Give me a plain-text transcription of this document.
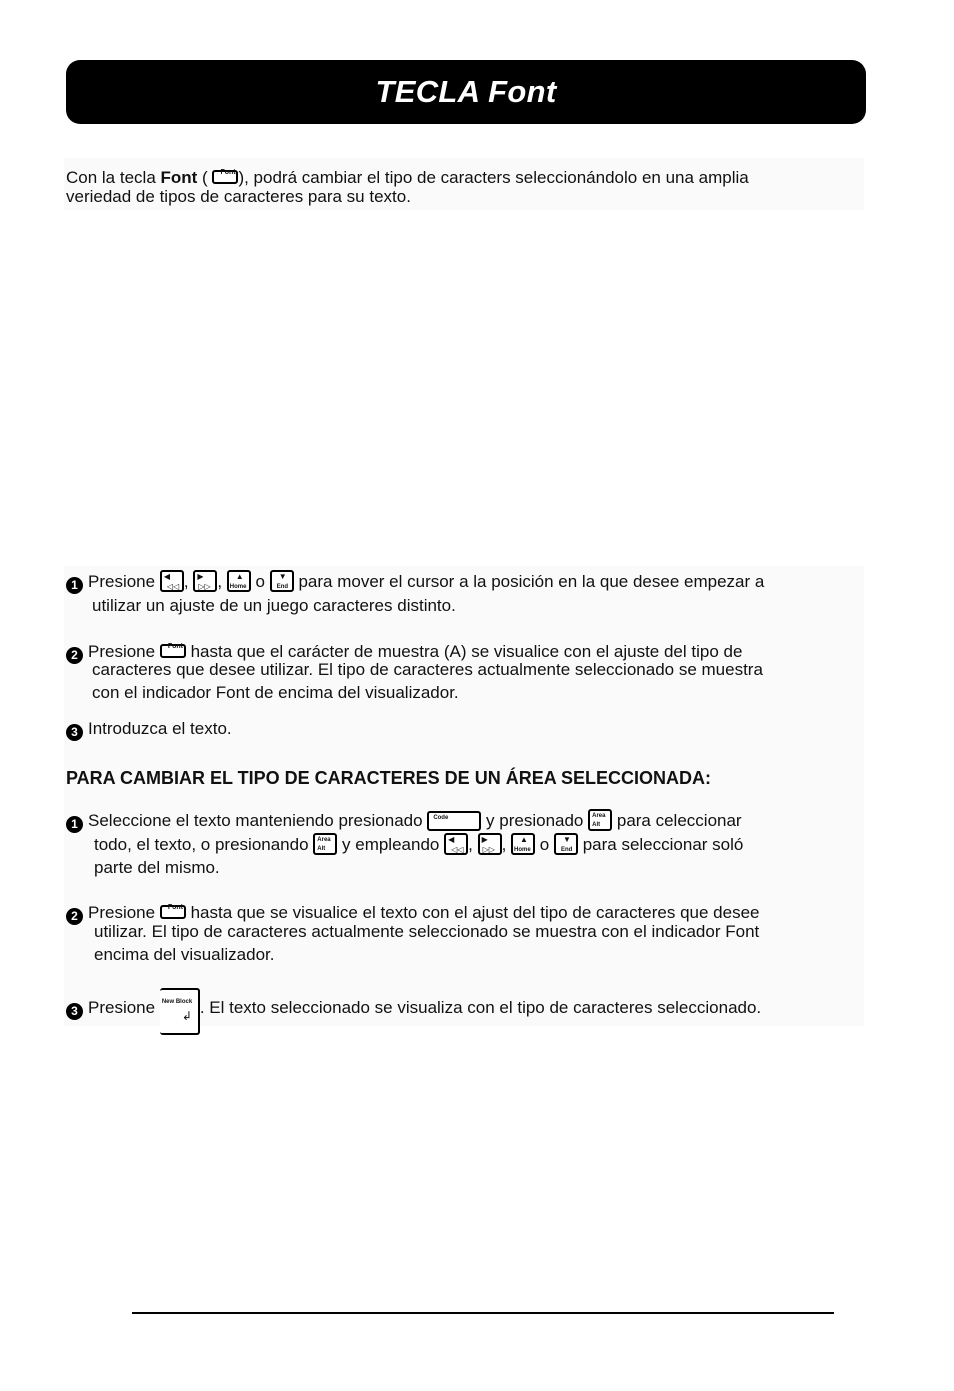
TECLA Font
Con la tecla Font ( Font ), podrá cambiar el tipo de caracters seleccionándolo en una amplia
veriedad de tipos de caracteres para su texto.
1 Presione ◀
◁◁ , ▶
▷▷ , ▲
Home o ▼
End para mover el cursor a la posición en la que desee empezar a
utilizar un ajuste de un juego caracteres distinto.
2 Presione Font hasta que el carácter de muestra (A) se visualice con el ajuste del tipo de
caracteres que desee utilizar. El tipo de caracteres actualmente seleccionado se muestra
con el indicador Font de encima del visualizador.
3 Introduzca el texto.
PARA CAMBIAR EL TIPO DE CARACTERES DE UN ÁREA SELECCIONADA:
1 Seleccione el texto manteniendo presionado Code y presionado Area
Alt para celeccionar
todo, el texto, o presionando Area
Alt y empleando ◀
◁◁ , ▶
▷▷ , ▲
Home o ▼
End para seleccionar soló
parte del mismo.
2 Presione Font hasta que se visualice el texto con el ajust del tipo de caracteres que desee
utilizar. El tipo de caracteres actualmente seleccionado se muestra con el indicador Font
encima del visualizador.
3 Presione New Block
↲ . El texto seleccionado se visualiza con el tipo de caracteres seleccionado.
